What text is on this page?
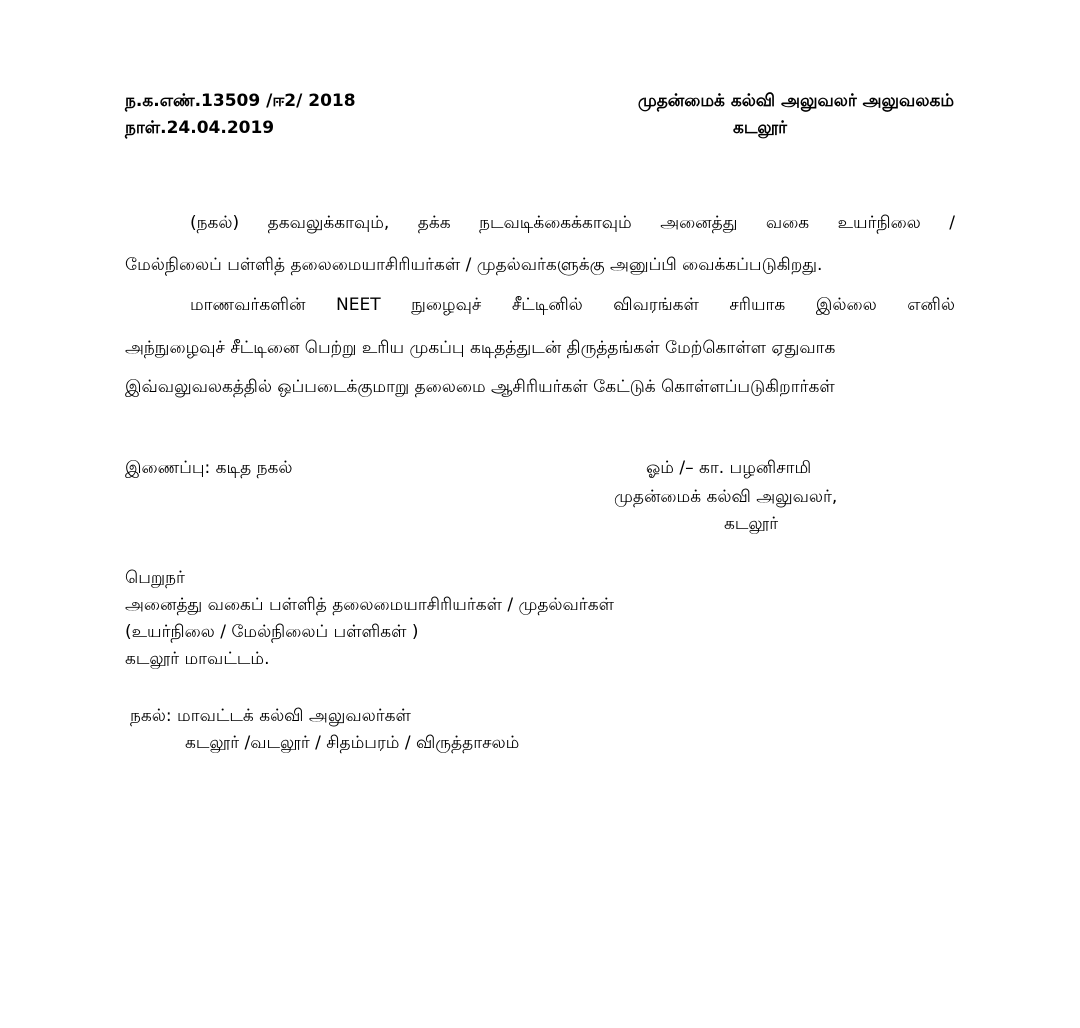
ந.க.எண்.13509 /ஈ2/ 2018
நாள்.24.04.2019
முதன்மைக் கல்வி அலுவலர் அலுவலகம்
கடலூர்
(நகல்) தகவலுக்காவும், தக்க நடவடிக்கைக்காவும் அனைத்து வகை உயர்நிலை /
மேல்நிலைப் பள்ளித் தலைமையாசிரியர்கள் / முதல்வர்களுக்கு அனுப்பி வைக்கப்படுகிறது.
மாணவர்களின் NEET நுழைவுச் சீட்டினில் விவரங்கள் சரியாக இல்லை எனில்
அந்நுழைவுச் சீட்டினை பெற்று உரிய முகப்பு கடிதத்துடன் திருத்தங்கள் மேற்கொள்ள ஏதுவாக
இவ்வலுவலகத்தில் ஒப்படைக்குமாறு தலைமை ஆசிரியர்கள் கேட்டுக் கொள்ளப்படுகிறார்கள்
இணைப்பு: கடித நகல்	ஓம் /– கா. பழனிசாமி
முதன்மைக் கல்வி அலுவலர்,
கடலூர்
பெறுநர்
அனைத்து வகைப் பள்ளித் தலைமையாசிரியர்கள் / முதல்வர்கள்
(உயர்நிலை / மேல்நிலைப் பள்ளிகள் )
கடலூர் மாவட்டம்.
நகல்: மாவட்டக் கல்வி அலுவலர்கள்
கடலூர் /வடலூர் / சிதம்பரம் / விருத்தாசலம்
